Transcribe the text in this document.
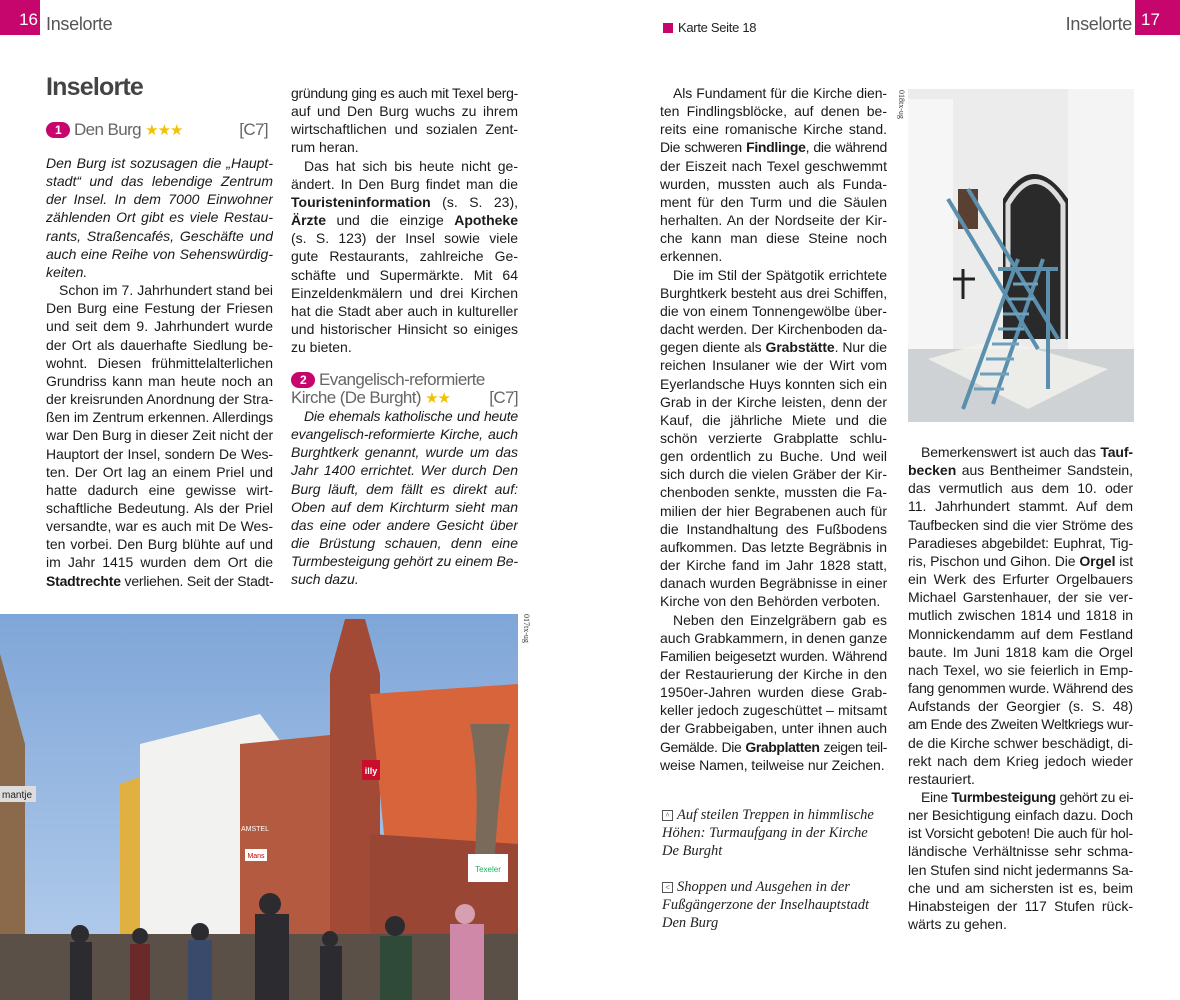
16 Inselorte	Karte Seite 18	Inselorte 17
Inselorte
1 Den Burg ★★★	[C7]
Den Burg ist sozusagen die „Haupt-
stadt“ und das lebendige Zentrum
der Insel. In dem 7000 Einwohner
zählenden Ort gibt es viele Restau-
rants, Straßencafés, Geschäfte und
auch eine Reihe von Sehenswürdig-
keiten.
Schon im 7. Jahrhundert stand bei
Den Burg eine Festung der Friesen
und seit dem 9. Jahrhundert wurde
der Ort als dauerhafte Siedlung be-
wohnt. Diesen frühmittelalterlichen
Grundriss kann man heute noch an
der kreisrunden Anordnung der Stra-
ßen im Zentrum erkennen. Allerdings
war Den Burg in dieser Zeit nicht der
Hauptort der Insel, sondern De Wes-
ten. Der Ort lag an einem Priel und
hatte dadurch eine gewisse wirt-
schaftliche Bedeutung. Als der Priel
versandte, war es auch mit De Wes-
ten vorbei. Den Burg blühte auf und
im Jahr 1415 wurden dem Ort die
Stadtrechte verliehen. Seit der Stadt-
gründung ging es auch mit Texel berg-
auf und Den Burg wuchs zu ihrem
wirtschaftlichen und sozialen Zent-
rum heran.
Das hat sich bis heute nicht ge-
ändert. In Den Burg findet man die
Touristeninformation (s. S. 23),
Ärzte und die einzige Apotheke
(s. S. 123) der Insel sowie viele
gute Restaurants, zahlreiche Ge-
schäfte und Supermärkte. Mit 64
Einzeldenkmälern und drei Kirchen
hat die Stadt aber auch in kultureller
und historischer Hinsicht so einiges
zu bieten.
2 Evangelisch-reformierte
Kirche (De Burght) ★★ [C7]
Die ehemals katholische und heute
evangelisch-reformierte Kirche, auch
Burghtkerk genannt, wurde um das
Jahr 1400 errichtet. Wer durch Den
Burg läuft, dem fällt es direkt auf:
Oben auf dem Kirchturm sieht man
das eine oder andere Gesicht über
die Brüstung schauen, denn eine
Turmbesteigung gehört zu einem Be-
such dazu.
Als Fundament für die Kirche dien-
ten Findlingsblöcke, auf denen be-
reits eine romanische Kirche stand.
Die schweren Findlinge, die während
der Eiszeit nach Texel geschwemmt
wurden, mussten auch als Funda-
ment für den Turm und die Säulen
herhalten. An der Nordseite der Kir-
che kann man diese Steine noch
erkennen.
Die im Stil der Spätgotik errichtete
Burghtkerk besteht aus drei Schiffen,
die von einem Tonnengewölbe über-
dacht werden. Der Kirchenboden da-
gegen diente als Grabstätte. Nur die
reichen Insulaner wie der Wirt vom
Eyerlandsche Huys konnten sich ein
Grab in der Kirche leisten, denn der
Kauf, die jährliche Miete und die
schön verzierte Grabplatte schlu-
gen ordentlich zu Buche. Und weil
sich durch die vielen Gräber der Kir-
chenboden senkte, mussten die Fa-
milien der hier Begrabenen auch für
die Instandhaltung des Fußbodens
aufkommen. Das letzte Begräbnis in
der Kirche fand im Jahr 1828 statt,
danach wurden Begräbnisse in einer
Kirche von den Behörden verboten.
Neben den Einzelgräbern gab es
auch Grabkammern, in denen ganze
Familien beigesetzt wurden. Während
der Restaurierung der Kirche in den
1950er-Jahren wurden diese Grab-
keller jedoch zugeschüttet – mitsamt
der Grabbeigaben, unter ihnen auch
Gemälde. Die Grabplatten zeigen teil-
weise Namen, teilweise nur Zeichen.
Bemerkenswert ist auch das Tauf-
becken aus Bentheimer Sandstein,
das vermutlich aus dem 10. oder
11. Jahrhundert stammt. Auf dem
Taufbecken sind die vier Ströme des
Paradieses abgebildet: Euphrat, Tig-
ris, Pischon und Gihon. Die Orgel ist
ein Werk des Erfurter Orgelbauers
Michael Garstenhauer, der sie ver-
mutlich zwischen 1814 und 1818 in
Monnickendamm auf dem Festland
baute. Im Juni 1818 kam die Orgel
nach Texel, wo sie feierlich in Emp-
fang genommen wurde. Während des
Aufstands der Georgier (s. S. 48)
am Ende des Zweiten Weltkriegs wur-
de die Kirche schwer beschädigt, di-
rekt nach dem Krieg jedoch wieder
restauriert.
Eine Turmbesteigung gehört zu ei-
ner Besichtigung einfach dazu. Doch
ist Vorsicht geboten! Die auch für hol-
ländische Verhältnisse sehr schma-
len Stufen sind nicht jedermanns Sa-
che und am sichersten ist es, beim
Hinabsteigen der 117 Stufen rück-
wärts zu gehen.
^ Auf steilen Treppen in himmlische
Höhen: Turmaufgang in der Kirche
De Burght
< Shoppen und Ausgehen in der
Fußgängerzone der Inselhauptstadt
Den Burg
018tx-ug
illy
Mans
AMSTEL
mantje
Texeler
017tx-ug
